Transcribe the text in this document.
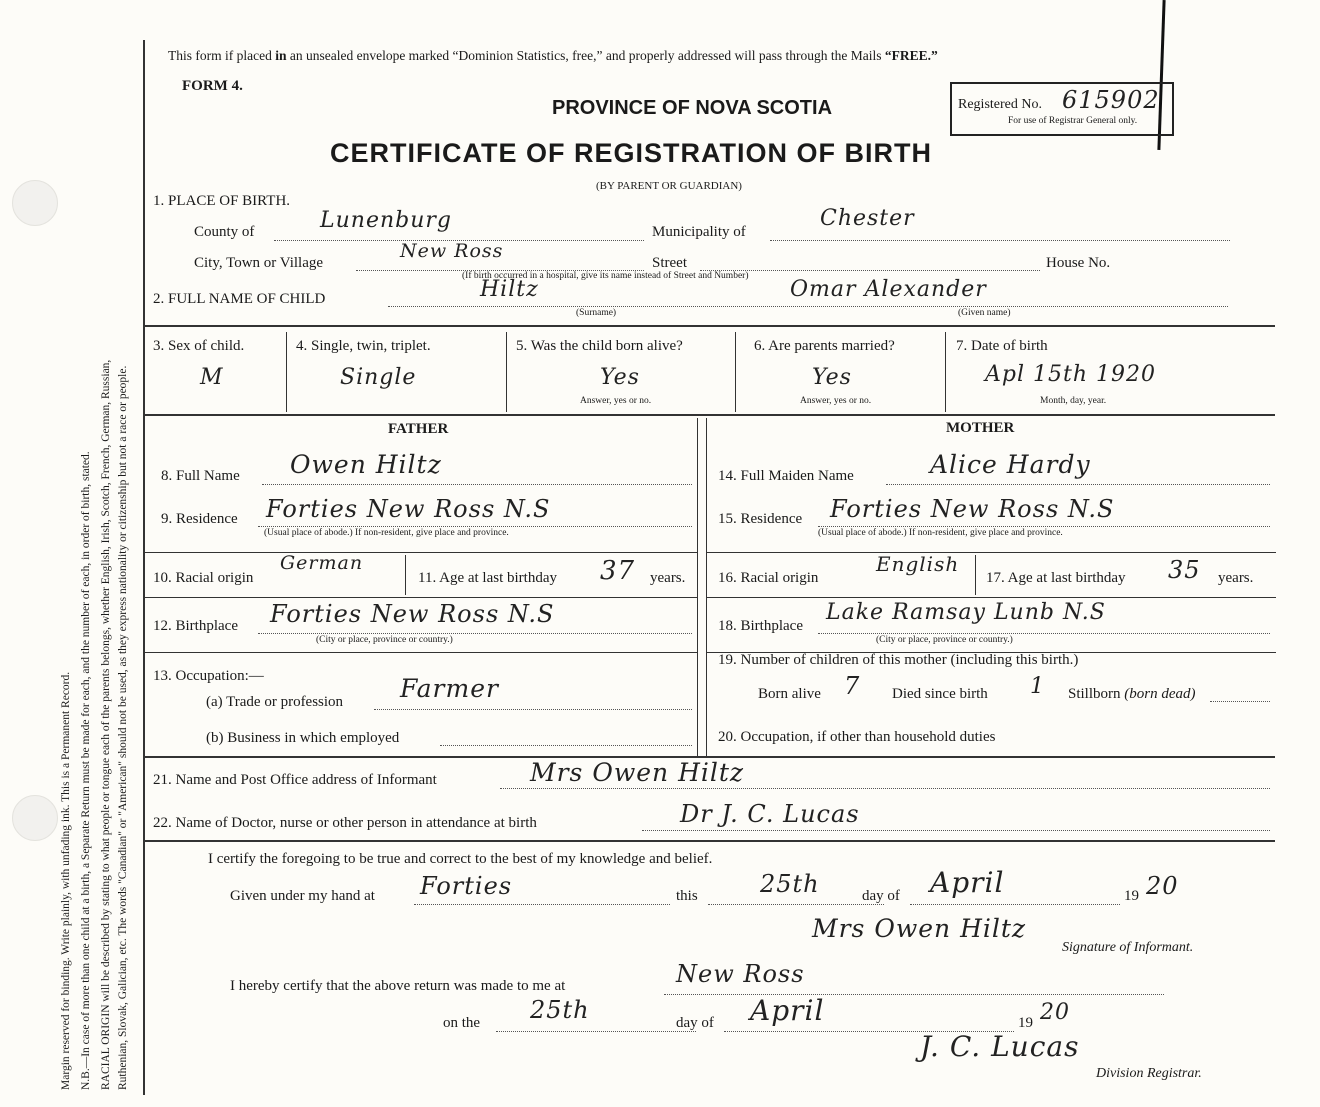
Margin reserved for binding. Write plainly, with unfading ink. This is a Permanent Record. N.B.—In case of more than one child at a birth, a Separate Return must be made for each, and the number of each, in order of birth, stated. RACIAL ORIGIN will be described by stating to what people or tongue each of the parents belongs, whether English, Irish, Scotch, French, German, Russian, Ruthenian, Slovak, Galician, etc. The words "Canadian" or "American" should not be used, as they express nationality or citizenship but not a race or people.
This form if placed in an unsealed envelope marked “Dominion Statistics, free,” and properly addressed will pass through the Mails “FREE.”
FORM 4.
PROVINCE OF NOVA SCOTIA	Registered No. 615902
For use of Registrar General only.
CERTIFICATE OF REGISTRATION OF BIRTH
(BY PARENT OR GUARDIAN)
1. PLACE OF BIRTH.
County of	Lunenburg	Municipality of
Chester
City, Town or Village
New Ross
Street	House No.
(If birth occurred in a hospital, give its name instead of Street and Number)
2. FULL NAME OF CHILD	Hiltz	Omar Alexander
(Surname)	(Given name)
3. Sex of child.
M
4. Single, twin, triplet.
Single
5. Was the child born alive?
Yes
Answer, yes or no.
6. Are parents married?
Yes
Answer, yes or no.
7. Date of birth
Apl 15th 1920
Month, day, year.
FATHER	MOTHER
8. Full Name Owen Hiltz
9. Residence Forties New Ross N.S
(Usual place of abode.) If non-resident, give place and province.
10. Racial origin
German
11. Age at last birthday 37 years.
12. Birthplace Forties New Ross N.S
(City or place, province or country.)
13. Occupation:—
(a) Trade or profession Farmer
(b) Business in which employed
14. Full Maiden Name	Alice Hardy
15. Residence Forties New Ross N.S
(Usual place of abode.) If non-resident, give place and province.
16. Racial origin
English
17. Age at last birthday 35 years.
18. Birthplace
Lake Ramsay Lunb N.S
(City or place, province or country.)
19. Number of children of this mother (including this birth.)
Born alive 7 Died since birth 1 Stillborn (born dead)
20. Occupation, if other than household duties
21. Name and Post Office address of Informant	Mrs Owen Hiltz
22. Name of Doctor, nurse or other person in attendance at birth	Dr J. C. Lucas
I certify the foregoing to be true and correct to the best of my knowledge and belief.
Given under my hand at Forties	this	25th	day of April	19 20
Mrs Owen Hiltz
Signature of Informant.
I hereby certify that the above return was made to me at	New Ross
on the 25th	day of April	19 20
J. C. Lucas
Division Registrar.
